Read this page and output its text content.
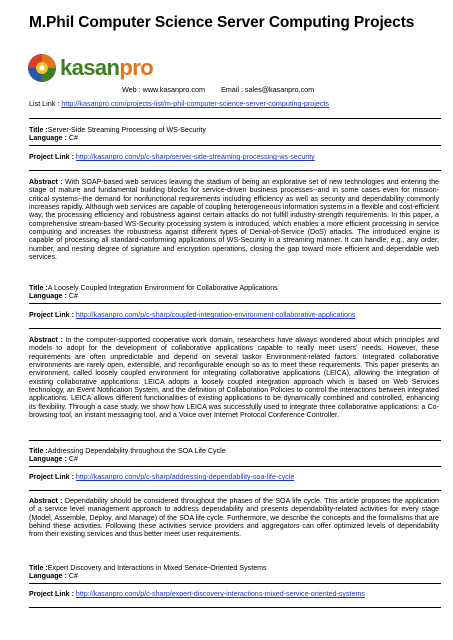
M.Phil Computer Science Server Computing Projects
kasanpro
Web : www.kasanpro.com Email : sales@kasanpro.com
List Link : http://kasanpro.com/projects-list/m-phil-computer-science-server-computing-projects
Title :Server-Side Streaming Processing of WS-Security
Language : C#
Project Link : http://kasanpro.com/p/c-sharp/server-side-streaming-processing-ws-security
Abstract : With SOAP-based web services leaving the stadium of being an explorative set of new technologies and entering the stage of mature and fundamental building blocks for service-driven business processes--and in some cases even for mission-critical systems--the demand for nonfunctional requirements including efficiency as well as security and dependability commonly increases rapidly. Although web services are capable of coupling heterogeneous information systems in a flexible and cost-efficient way, the processing efficiency and robustness against certain attacks do not fulfill industry-strength requirements. In this paper, a comprehensive stream-based WS-Security processing system is introduced, which enables a more efficient processing in service computing and increases the robustness against different types of Denial-of-Service (DoS) attacks. The introduced engine is capable of processing all standard-conforming applications of WS-Security in a streaming manner. It can handle, e.g., any order, number, and nesting degree of signature and encryption operations, closing the gap toward more efficient and dependable web services.
Title :A Loosely Coupled Integration Environment for Collaborative Applications
Language : C#
Project Link : http://kasanpro.com/p/c-sharp/coupled-integration-environment-collaborative-applications
Abstract : In the computer-supported cooperative work domain, researchers have always wondered about which principles and models to adopt for the development of collaborative applications capable to really meet users' needs. However, these requirements are often unpredictable and depend on several taskor Environment-related factors. Integrated collaborative environments are rarely open, extensible, and reconfigurable enough so as to meet these requirements. This paper presents an environment, called loosely coupled environment for integrating collaborative applications (LEICA), allowing the integration of existing collaborative applications. LEICA adopts a loosely coupled integration approach which is based on Web Services technology, an Event Notification System, and the definition of Collaboration Policies to control the interactions between integrated applications. LEICA allows different functionalities of existing applications to be dynamically combined and controlled, enhancing its flexibility. Through a case study, we show how LEICA was successfully used to integrate three collaborative applications: a Co-browsing tool, an instant messaging tool, and a Voice over Internet Protocol Conference Controller.
Title :Addressing Dependability throughout the SOA Life Cycle
Language : C#
Project Link : http://kasanpro.com/p/c-sharp/addressing-dependability-soa-life-cycle
Abstract : Dependability should be considered throughout the phases of the SOA life cycle. This article proposes the application of a service level management approach to address dependability and presents dependability-related activities for every stage (Model, Assemble, Deploy, and Manage) of the SOA life cycle. Furthermore, we describe the concepts and the formalisms that are behind these activities. Following these activities service providers and aggregators can offer optimized levels of dependability from their existing services and thus better meet user requirements.
Title :Expert Discovery and Interactions in Mixed Service-Oriented Systems
Language : C#
Project Link : http://kasanpro.com/p/c-sharp/expert-discovery-interactions-mixed-service-oriented-systems
